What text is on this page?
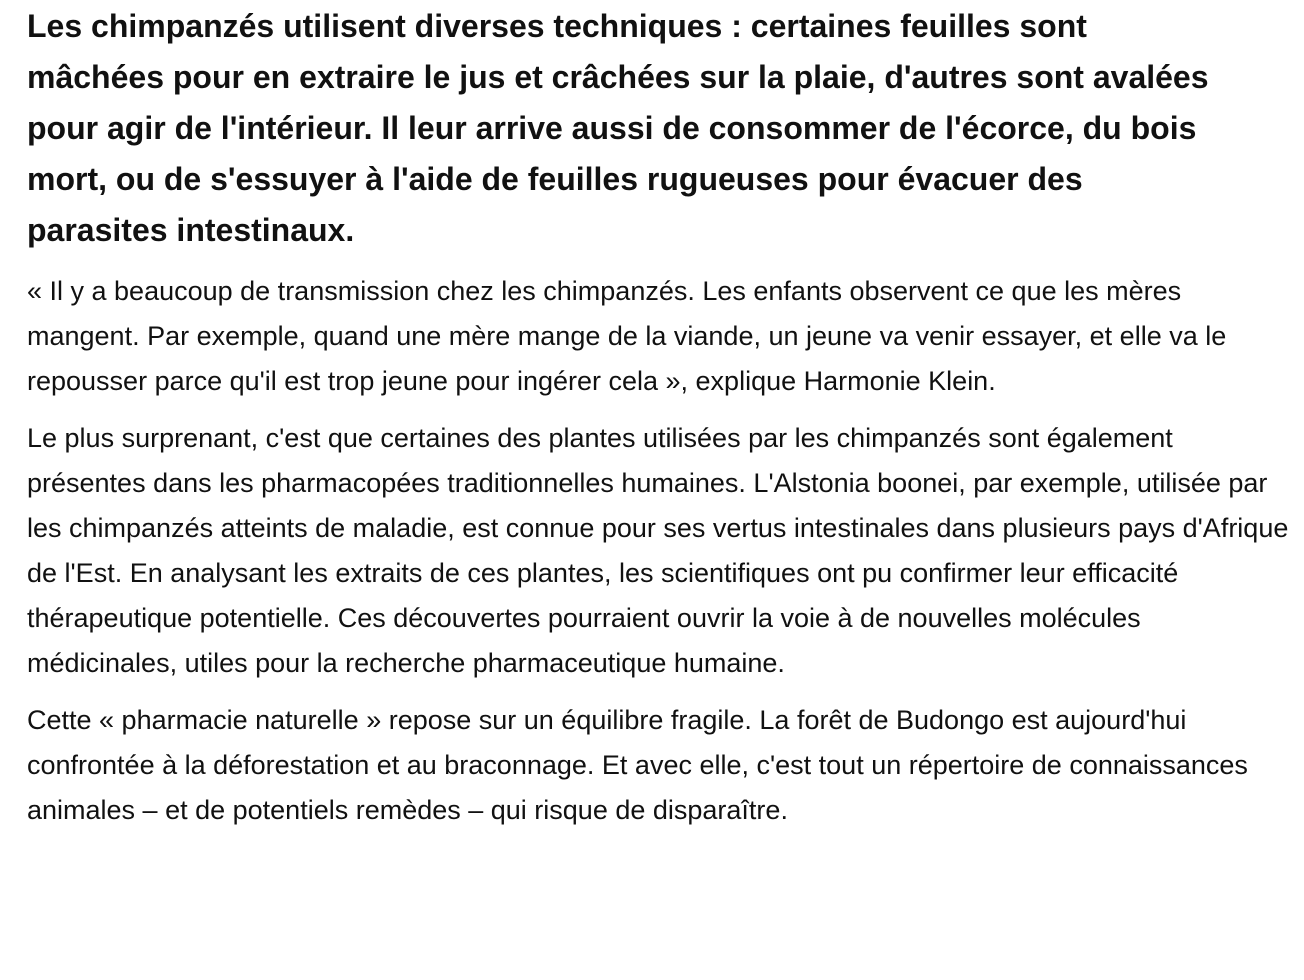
Les chimpanzés utilisent diverses techniques : certaines feuilles sont mâchées pour en extraire le jus et crâchées sur la plaie, d'autres sont avalées pour agir de l'intérieur. Il leur arrive aussi de consommer de l'écorce, du bois mort, ou de s'essuyer à l'aide de feuilles rugueuses pour évacuer des parasites intestinaux.

« Il y a beaucoup de transmission chez les chimpanzés. Les enfants observent ce que les mères mangent. Par exemple, quand une mère mange de la viande, un jeune va venir essayer, et elle va le repousser parce qu'il est trop jeune pour ingérer cela », explique Harmonie Klein.

Le plus surprenant, c'est que certaines des plantes utilisées par les chimpanzés sont également présentes dans les pharmacopées traditionnelles humaines. L'Alstonia boonei, par exemple, utilisée par les chimpanzés atteints de maladie, est connue pour ses vertus intestinales dans plusieurs pays d'Afrique de l'Est. En analysant les extraits de ces plantes, les scientifiques ont pu confirmer leur efficacité thérapeutique potentielle. Ces découvertes pourraient ouvrir la voie à de nouvelles molécules médicinales, utiles pour la recherche pharmaceutique humaine.

Cette « pharmacie naturelle » repose sur un équilibre fragile. La forêt de Budongo est aujourd'hui confrontée à la déforestation et au braconnage. Et avec elle, c'est tout un répertoire de connaissances animales – et de potentiels remèdes – qui risque de disparaître.
